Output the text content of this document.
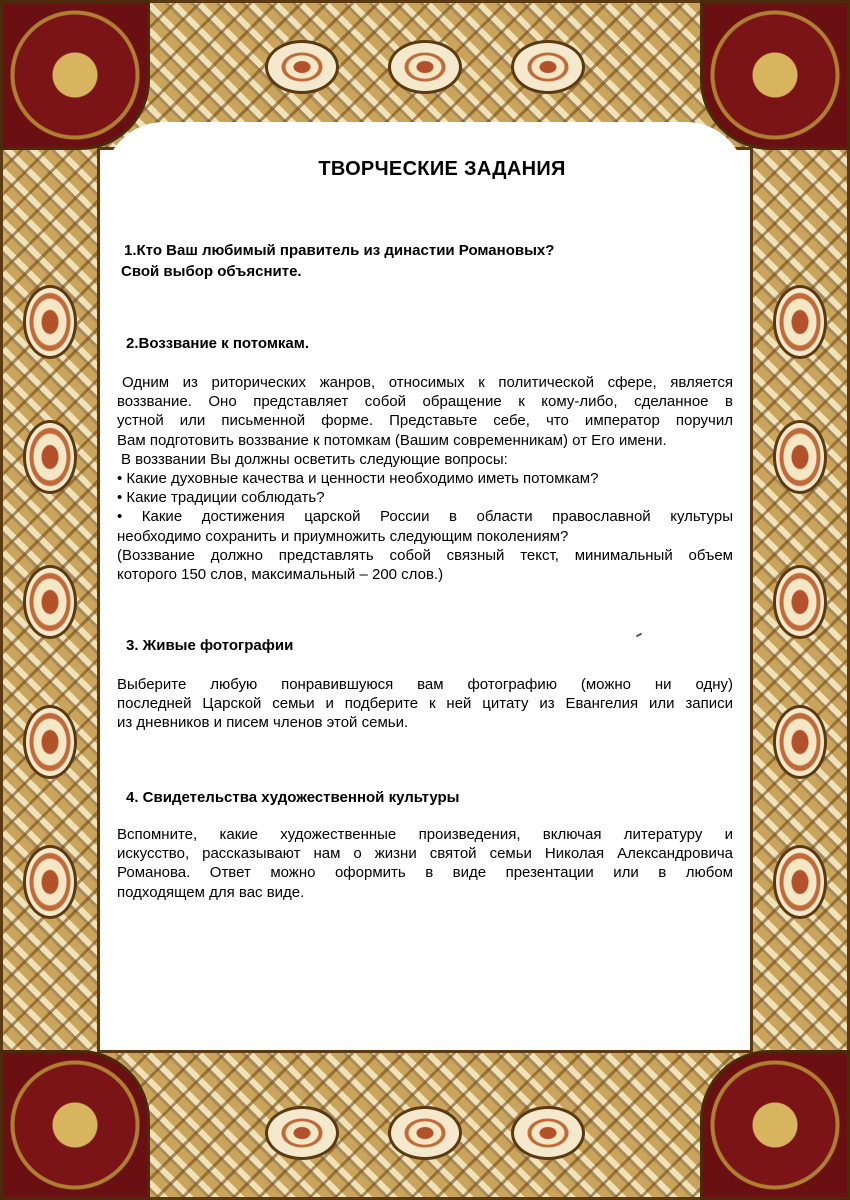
ТВОРЧЕСКИЕ ЗАДАНИЯ
1.Кто Ваш любимый правитель из династии Романовых?
Свой выбор объясните.
2.Воззвание к потомкам.
Одним из риторических жанров, относимых к политической сфере, является
воззвание. Оно представляет собой обращение к кому-либо, сделанное в
устной или письменной форме. Представьте себе, что император поручил
Вам подготовить воззвание к потомкам (Вашим современникам) от Его имени.
В воззвании Вы должны осветить следующие вопросы:
• Какие духовные качества и ценности необходимо иметь потомкам?
• Какие традиции соблюдать?
• Какие достижения царской России в области православной культуры
необходимо сохранить и приумножить следующим поколениям?
(Воззвание должно представлять собой связный текст, минимальный объем
которого 150 слов, максимальный – 200 слов.)
3. Живые фотографии
Выберите любую понравившуюся вам фотографию (можно ни одну)
последней Царской семьи и подберите к ней цитату из Евангелия или записи
из дневников и писем членов этой семьи.
4. Свидетельства художественной культуры
Вспомните, какие художественные произведения, включая литературу и
искусство, рассказывают нам о жизни святой семьи Николая Александровича
Романова. Ответ можно оформить в виде презентации или в любом
подходящем для вас виде.
